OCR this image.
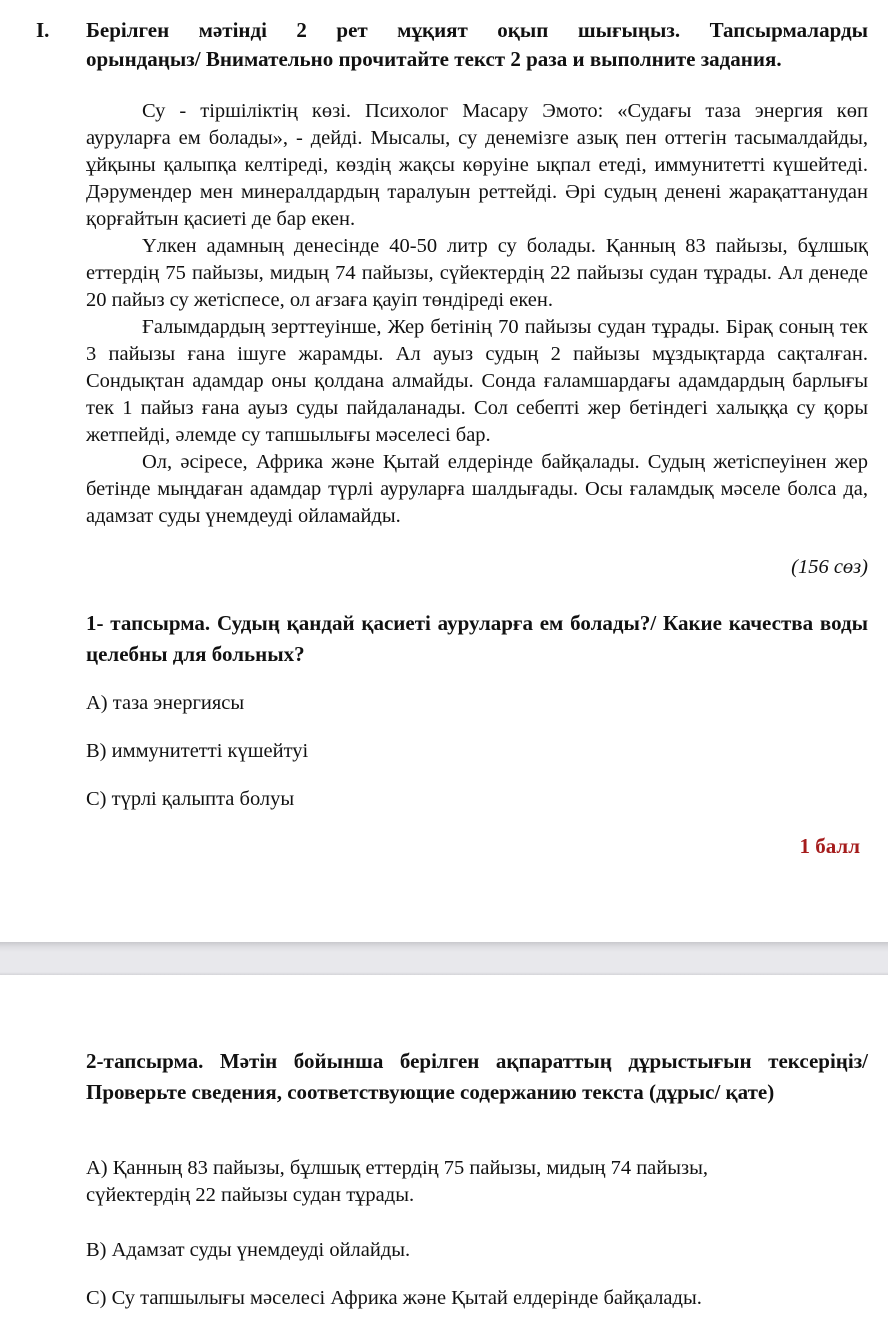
I. Берілген мәтінді 2 рет мұқият оқып шығыңыз. Тапсырмаларды
орындаңыз/ Внимательно прочитайте текст 2 раза и выполните задания.

Су - тіршіліктің көзі. Психолог Масару Эмото: «Судағы таза энергия көп ауруларға ем болады», - дейді. Мысалы, су денемізге азық пен оттегін тасымалдайды, ұйқыны қалыпқа келтіреді, көздің жақсы көруіне ықпал етеді, иммунитетті күшейтеді. Дәрумендер мен минералдардың таралуын реттейді. Әрі судың денені жарақаттанудан қорғайтын қасиеті де бар екен.

Үлкен адамның денесінде 40-50 литр су болады. Қанның 83 пайызы, бұлшық еттердің 75 пайызы, мидың 74 пайызы, сүйектердің 22 пайызы судан тұрады. Ал денеде 20 пайыз су жетіспесе, ол ағзаға қауіп төндіреді екен.

Ғалымдардың зерттеуінше, Жер бетінің 70 пайызы судан тұрады. Бірақ соның тек 3 пайызы ғана ішуге жарамды. Ал ауыз судың 2 пайызы мұздықтарда сақталған. Сондықтан адамдар оны қолдана алмайды. Сонда ғаламшардағы адамдардың барлығы тек 1 пайыз ғана ауыз суды пайдаланады. Сол себепті жер бетіндегі халыққа су қоры жетпейді, әлемде су тапшылығы мәселесі бар.

Ол, әсіресе, Африка және Қытай елдерінде байқалады. Судың жетіспеуінен жер бетінде мыңдаған адамдар түрлі ауруларға шалдығады. Осы ғаламдық мәселе болса да, адамзат суды үнемдеуді ойламайды.

(156 сөз)
1- тапсырма. Судың қандай қасиеті ауруларға ем болады?/ Какие качества воды целебны для больных?
А) таза энергиясы
В) иммунитетті күшейтуі
С) түрлі қалыпта болуы
1 балл
2-тапсырма. Мәтін бойынша берілген ақпараттың дұрыстығын тексеріңіз/ Проверьте сведения, соответствующие содержанию текста (дұрыс/ қате)
А) Қанның 83 пайызы, бұлшық еттердің 75 пайызы, мидың 74 пайызы, сүйектердің 22 пайызы судан тұрады.
В) Адамзат суды үнемдеуді ойлайды.
С) Су тапшылығы мәселесі Африка және Қытай елдерінде байқалады.
